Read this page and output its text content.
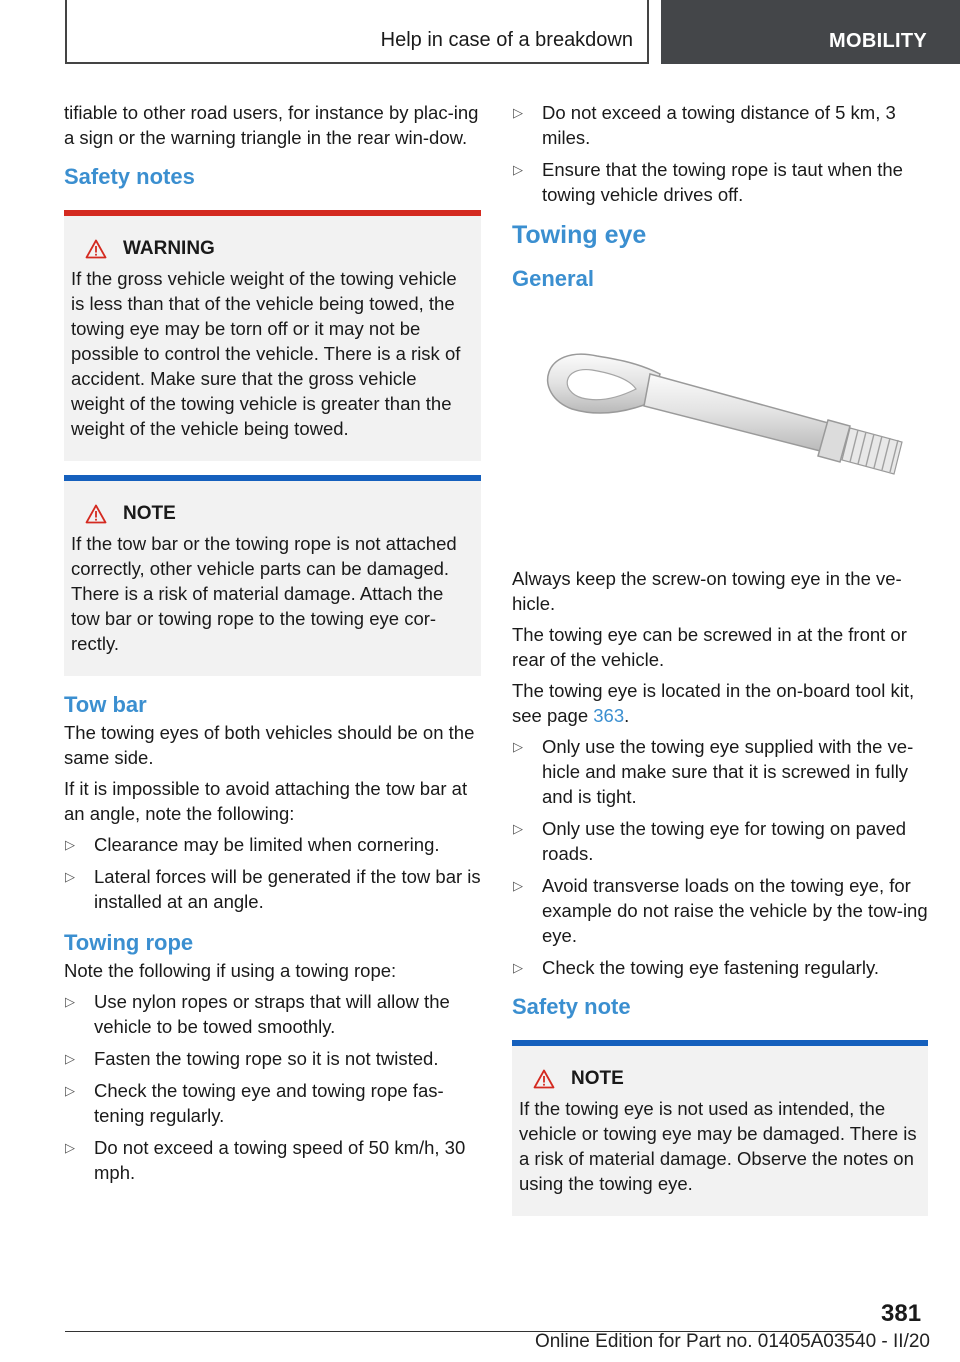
Help in case of a breakdown	MOBILITY

tifiable to other road users, for instance by plac-ing a sign or the warning triangle in the rear win-dow.

Safety notes
WARNING

If the gross vehicle weight of the towing vehicle is less than that of the vehicle being towed, the towing eye may be torn off or it may not be possible to control the vehicle. There is a risk of accident. Make sure that the gross vehicle weight of the towing vehicle is greater than the weight of the vehicle being towed.

NOTE

If the tow bar or the towing rope is not attached correctly, other vehicle parts can be damaged. There is a risk of material damage. Attach the tow bar or towing rope to the towing eye cor-rectly.

Tow bar

The towing eyes of both vehicles should be on the same side.

If it is impossible to avoid attaching the tow bar at an angle, note the following:

▷ Clearance may be limited when cornering.
▷ Lateral forces will be generated if the tow bar is installed at an angle.
Towing rope

Note the following if using a towing rope:

▷ Use nylon ropes or straps that will allow the vehicle to be towed smoothly.
▷ Fasten the towing rope so it is not twisted.
▷ Check the towing eye and towing rope fas-tening regularly.
▷ Do not exceed a towing speed of 50 km/h, 30 mph.
▷ Do not exceed a towing distance of 5 km, 3 miles.
▷ Ensure that the towing rope is taut when the towing vehicle drives off.
Towing eye
General

Always keep the screw-on towing eye in the ve-hicle.

The towing eye can be screwed in at the front or rear of the vehicle.

The towing eye is located in the on-board tool kit, see page 363.

▷ Only use the towing eye supplied with the ve-hicle and make sure that it is screwed in fully and is tight.
▷ Only use the towing eye for towing on paved roads.
▷ Avoid transverse loads on the towing eye, for example do not raise the vehicle by the tow-ing eye.
▷ Check the towing eye fastening regularly.
Safety note
NOTE

If the towing eye is not used as intended, the vehicle or towing eye may be damaged. There is a risk of material damage. Observe the notes on using the towing eye.

381
Online Edition for Part no. 01405A03540 - II/20
